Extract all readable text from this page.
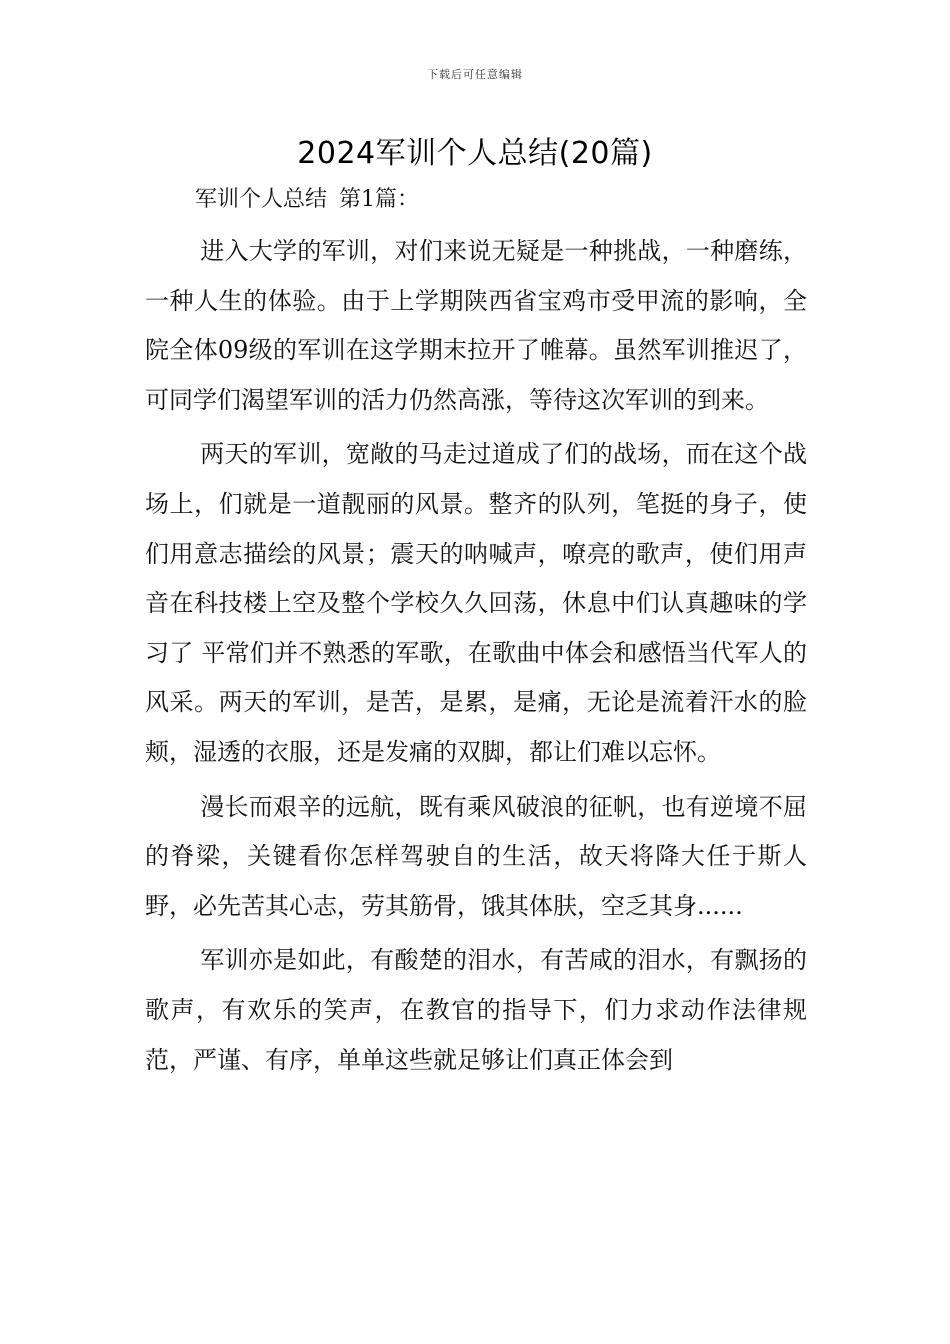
下载后可任意编辑
2024军训个人总结(20篇)
军训个人总结 第1篇：

进入大学的军训，对们来说无疑是一种挑战，一种磨练，一种人生的体验。由于上学期陕西省宝鸡市受甲流的影响，全院全体09级的军训在这学期末拉开了帷幕。虽然军训推迟了，可同学们渴望军训的活力仍然高涨，等待这次军训的到来。

两天的军训，宽敞的马走过道成了们的战场，而在这个战场上，们就是一道靓丽的风景。整齐的队列，笔挺的身子，使们用意志描绘的风景；震天的呐喊声，嘹亮的歌声，使们用声音在科技楼上空及整个学校久久回荡，休息中们认真趣味的学习了 平常们并不熟悉的军歌，在歌曲中体会和感悟当代军人的风采。两天的军训，是苦，是累，是痛，无论是流着汗水的脸颊，湿透的衣服，还是发痛的双脚，都让们难以忘怀。

漫长而艰辛的远航，既有乘风破浪的征帆，也有逆境不屈的脊梁，关键看你怎样驾驶自的生活，故天将降大任于斯人野，必先苦其心志，劳其筋骨，饿其体肤，空乏其身......

军训亦是如此，有酸楚的泪水，有苦咸的泪水，有飘扬的歌声，有欢乐的笑声，在教官的指导下，们力求动作法律规范，严谨、有序，单单这些就足够让们真正体会到
